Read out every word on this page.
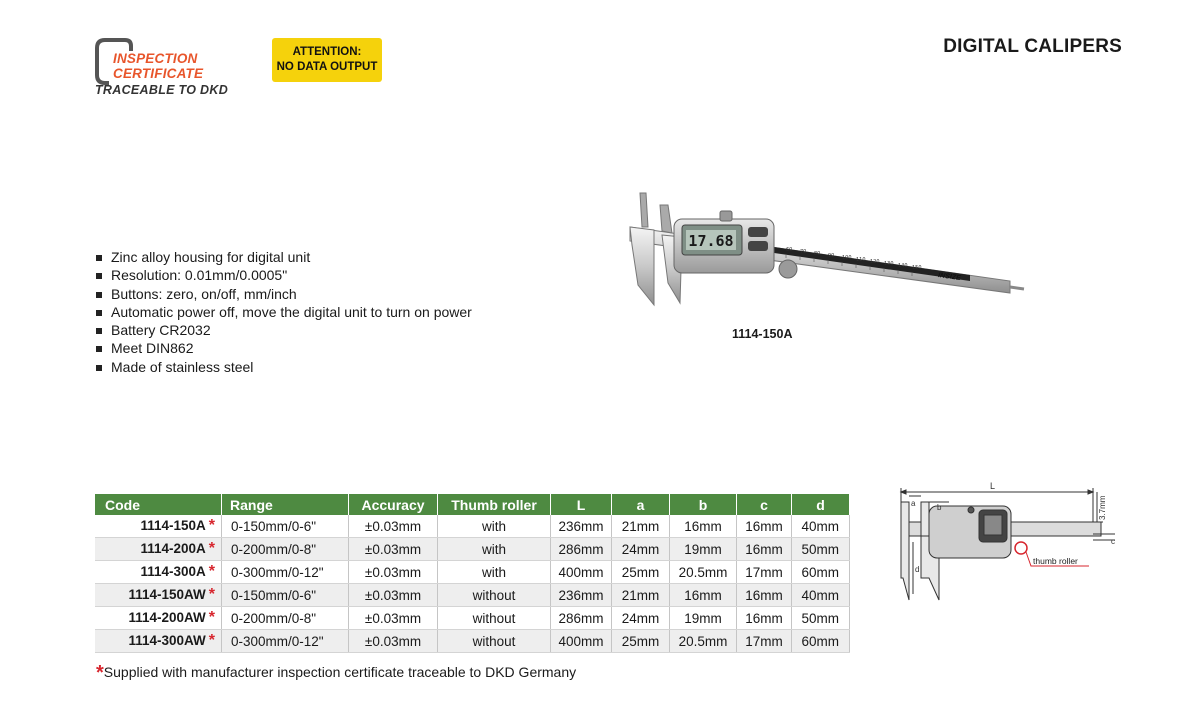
INSPECTION
CERTIFICATE
TRACEABLE TO DKD
ATTENTION:
NO DATA OUTPUT
DIGITAL CALIPERS
Zinc alloy housing for digital unit
Resolution: 0.01mm/0.0005"
Buttons: zero, on/off, mm/inch
Automatic power off, move the digital unit to turn on power
Battery CR2032
Meet DIN862
Made of stainless steel
17.68	60 70 80 90 100 110 120 130 140 150
INSIZE
1114-150A
Code	Range	Accuracy	Thumb roller	L	a	b	c	d
1114-150A *	0-150mm/0-6"	±0.03mm	with	236mm	21mm	16mm	16mm	40mm
1114-200A *	0-200mm/0-8"	±0.03mm	with	286mm	24mm	19mm	16mm	50mm
1114-300A *	0-300mm/0-12"	±0.03mm	with	400mm	25mm	20.5mm	17mm	60mm
1114-150AW *	0-150mm/0-6"	±0.03mm	without	236mm	21mm	16mm	16mm	40mm
1114-200AW *	0-200mm/0-8"	±0.03mm	without	286mm	24mm	19mm	16mm	50mm
1114-300AW *	0-300mm/0-12"	±0.03mm	without	400mm	25mm	20.5mm	17mm	60mm
*Supplied with manufacturer inspection certificate traceable to DKD Germany
L
a	b
c
d
3.7mm
thumb roller
